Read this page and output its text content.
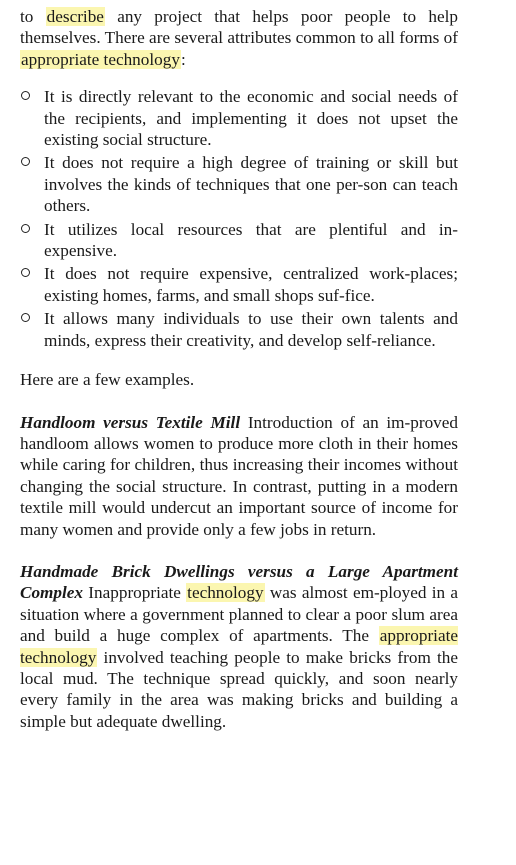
to describe any project that helps poor people to help themselves. There are several attributes common to all forms of appropriate technology:

It is directly relevant to the economic and social needs of the recipients, and implementing it does not upset the existing social structure.
It does not require a high degree of training or skill but involves the kinds of techniques that one per-son can teach others.
It utilizes local resources that are plentiful and in-expensive.
It does not require expensive, centralized work-places; existing homes, farms, and small shops suf-fice.
It allows many individuals to use their own talents and minds, express their creativity, and develop self-reliance.

Here are a few examples.

Handloom versus Textile Mill Introduction of an im-proved handloom allows women to produce more cloth in their homes while caring for children, thus increasing their incomes without changing the social structure. In contrast, putting in a modern textile mill would undercut an important source of income for many women and provide only a few jobs in return.

Handmade Brick Dwellings versus a Large Apartment Complex Inappropriate technology was almost em-ployed in a situation where a government planned to clear a poor slum area and build a huge complex of apartments. The appropriate technology involved teaching people to make bricks from the local mud. The technique spread quickly, and soon nearly every family in the area was making bricks and building a simple but adequate dwelling.
